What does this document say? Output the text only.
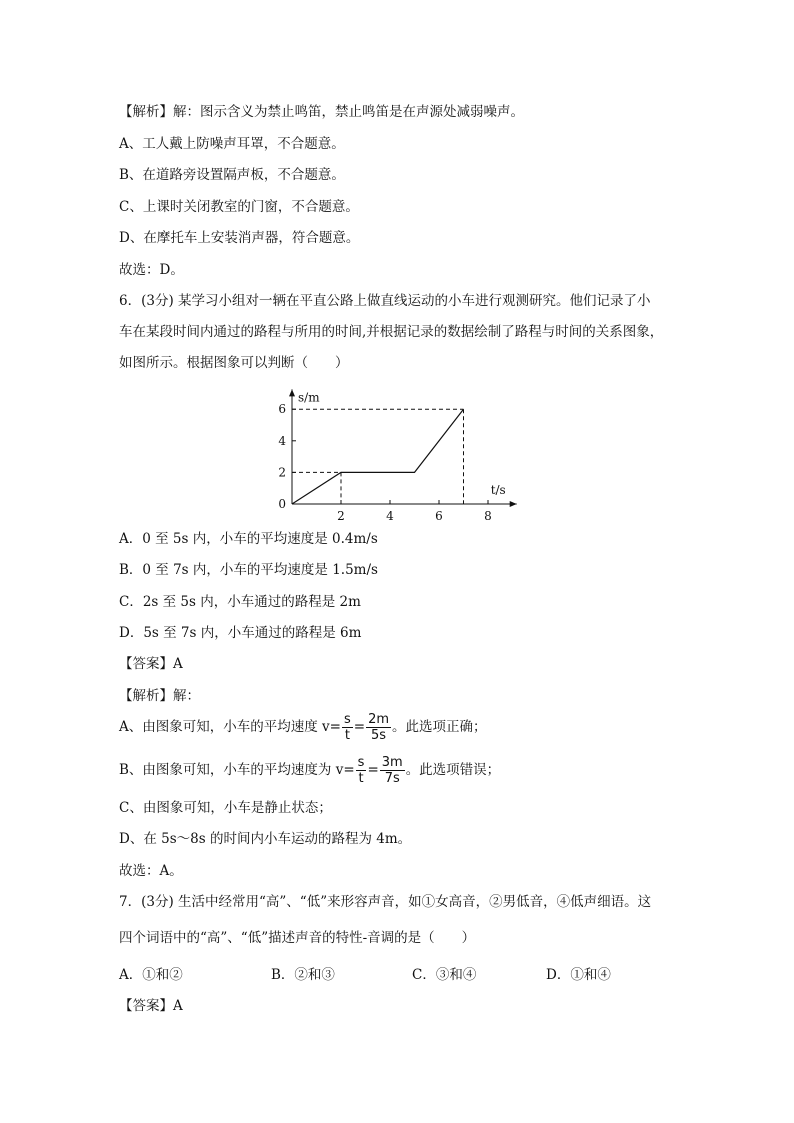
【解析】解：图示含义为禁止鸣笛，禁止鸣笛是在声源处减弱噪声。
A、工人戴上防噪声耳罩，不合题意。
B、在道路旁设置隔声板，不合题意。
C、上课时关闭教室的门窗，不合题意。
D、在摩托车上安装消声器，符合题意。
故选：D。
6．(3分) 某学习小组对一辆在平直公路上做直线运动的小车进行观测研究。他们记录了小
车在某段时间内通过的路程与所用的时间,并根据记录的数据绘制了路程与时间的关系图象，
如图所示。根据图象可以判断（　　）
2	4	6	8
2
4
6
0
t/s
s/m
A．0 至 5s 内，小车的平均速度是 0.4m/s
B．0 至 7s 内，小车的平均速度是 1.5m/s
C．2s 至 5s 内，小车通过的路程是 2m
D．5s 至 7s 内，小车通过的路程是 6m
【答案】A
【解析】解：
A、由图象可知，小车的平均速度 $v= \frac{s}{t} = \frac{2m}{5s}$ 。此选项正确；
B、由图象可知，小车的平均速度为 $v= \frac{s}{t} = \frac{3m}{7s}$ 。此选项错误；
C、由图象可知，小车是静止状态；
D、在 5s～8s 的时间内小车运动的路程为 4m。
故选：A。
7．(3分) 生活中经常用“高”、“低”来形容声音，如①女高音，②男低音，④低声细语。这
四个词语中的“高”、“低”描述声音的特性-音调的是（　　）
A．①和②	B．②和③	C．③和④	D．①和④
【答案】A
